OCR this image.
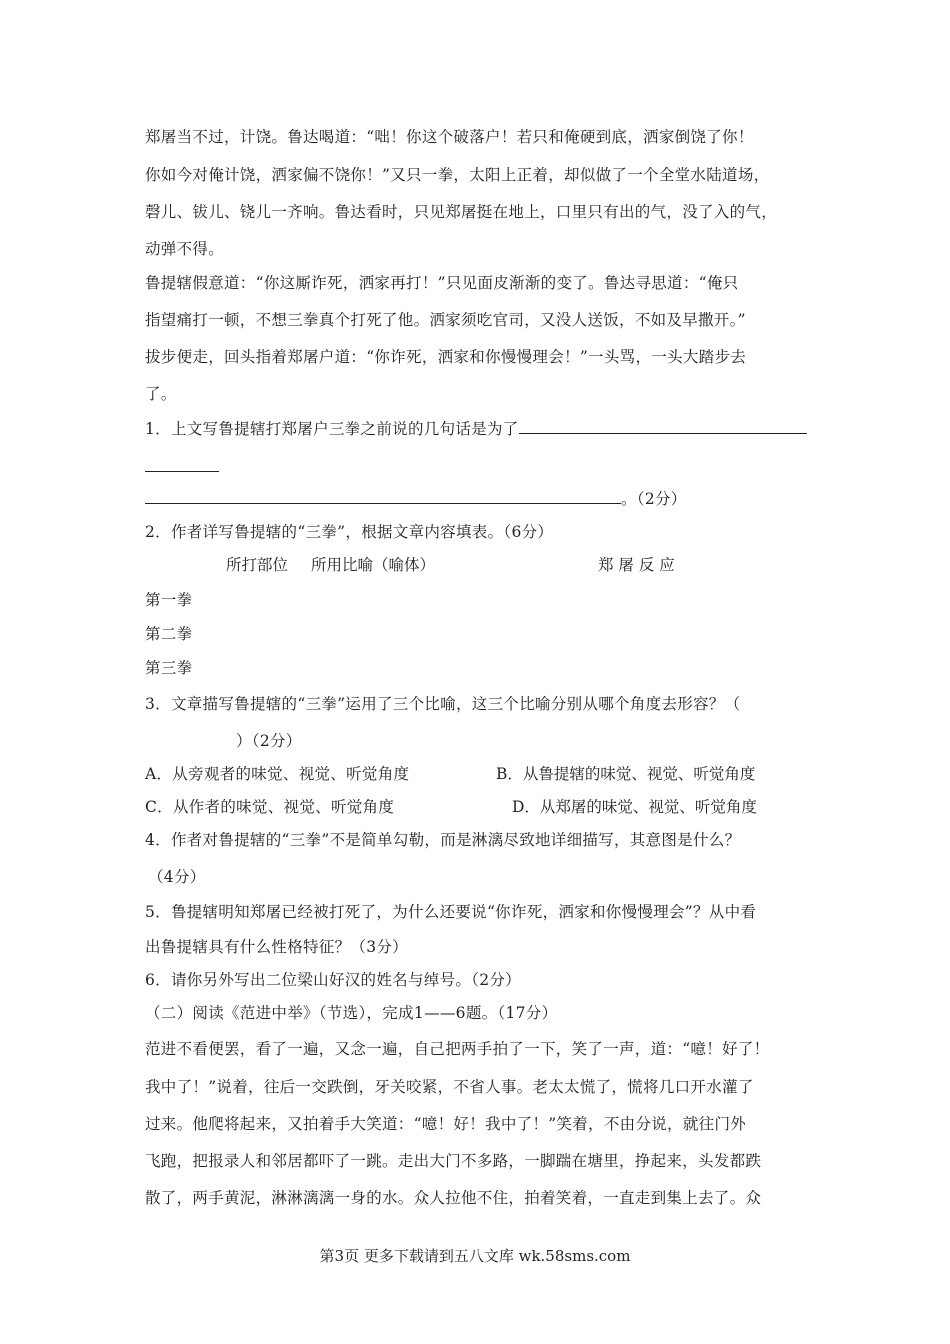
郑屠当不过，计饶。鲁达喝道：“咄！你这个破落户！若只和俺硬到底，洒家倒饶了你！
你如今对俺计饶，洒家偏不饶你！”又只一拳，太阳上正着，却似做了一个全堂水陆道场，
磬儿、钹儿、铙儿一齐响。鲁达看时，只见郑屠挺在地上，口里只有出的气，没了入的气，
动弹不得。
鲁提辖假意道：“你这厮诈死，洒家再打！”只见面皮渐渐的变了。鲁达寻思道：“俺只
指望痛打一顿，不想三拳真个打死了他。洒家须吃官司，又没人送饭，不如及早撒开。”
拔步便走，回头指着郑屠户道：“你诈死，洒家和你慢慢理会！”一头骂，一头大踏步去
了。
1．上文写鲁提辖打郑屠户三拳之前说的几句话是为了
。（2分）
2．作者详写鲁提辖的“三拳”，根据文章内容填表。（6分）
所打部位 所用比喻（喻体）	郑 屠 反 应
第一拳
第二拳
第三拳
3．文章描写鲁提辖的“三拳”运用了三个比喻，这三个比喻分别从哪个角度去形容？（
）（2分）
A．从旁观者的味觉、视觉、听觉角度	B．从鲁提辖的味觉、视觉、听觉角度
C．从作者的味觉、视觉、听觉角度	D．从郑屠的味觉、视觉、听觉角度
4．作者对鲁提辖的“三拳”不是简单勾勒，而是淋漓尽致地详细描写，其意图是什么？
（4分）
5．鲁提辖明知郑屠已经被打死了，为什么还要说“你诈死，洒家和你慢慢理会”？从中看
出鲁提辖具有什么性格特征？（3分）
6．请你另外写出二位梁山好汉的姓名与绰号。（2分）
（二）阅读《范进中举》（节选），完成1——6题。（17分）
范进不看便罢，看了一遍，又念一遍，自己把两手拍了一下，笑了一声，道：“噫！好了！
我中了！”说着，往后一交跌倒，牙关咬紧，不省人事。老太太慌了，慌将几口开水灌了
过来。他爬将起来，又拍着手大笑道：“噫！好！我中了！”笑着，不由分说，就往门外
飞跑，把报录人和邻居都吓了一跳。走出大门不多路，一脚踹在塘里，挣起来，头发都跌
散了，两手黄泥，淋淋漓漓一身的水。众人拉他不住，拍着笑着，一直走到集上去了。众
第3页 更多下载请到五八文库 wk.58sms.com
